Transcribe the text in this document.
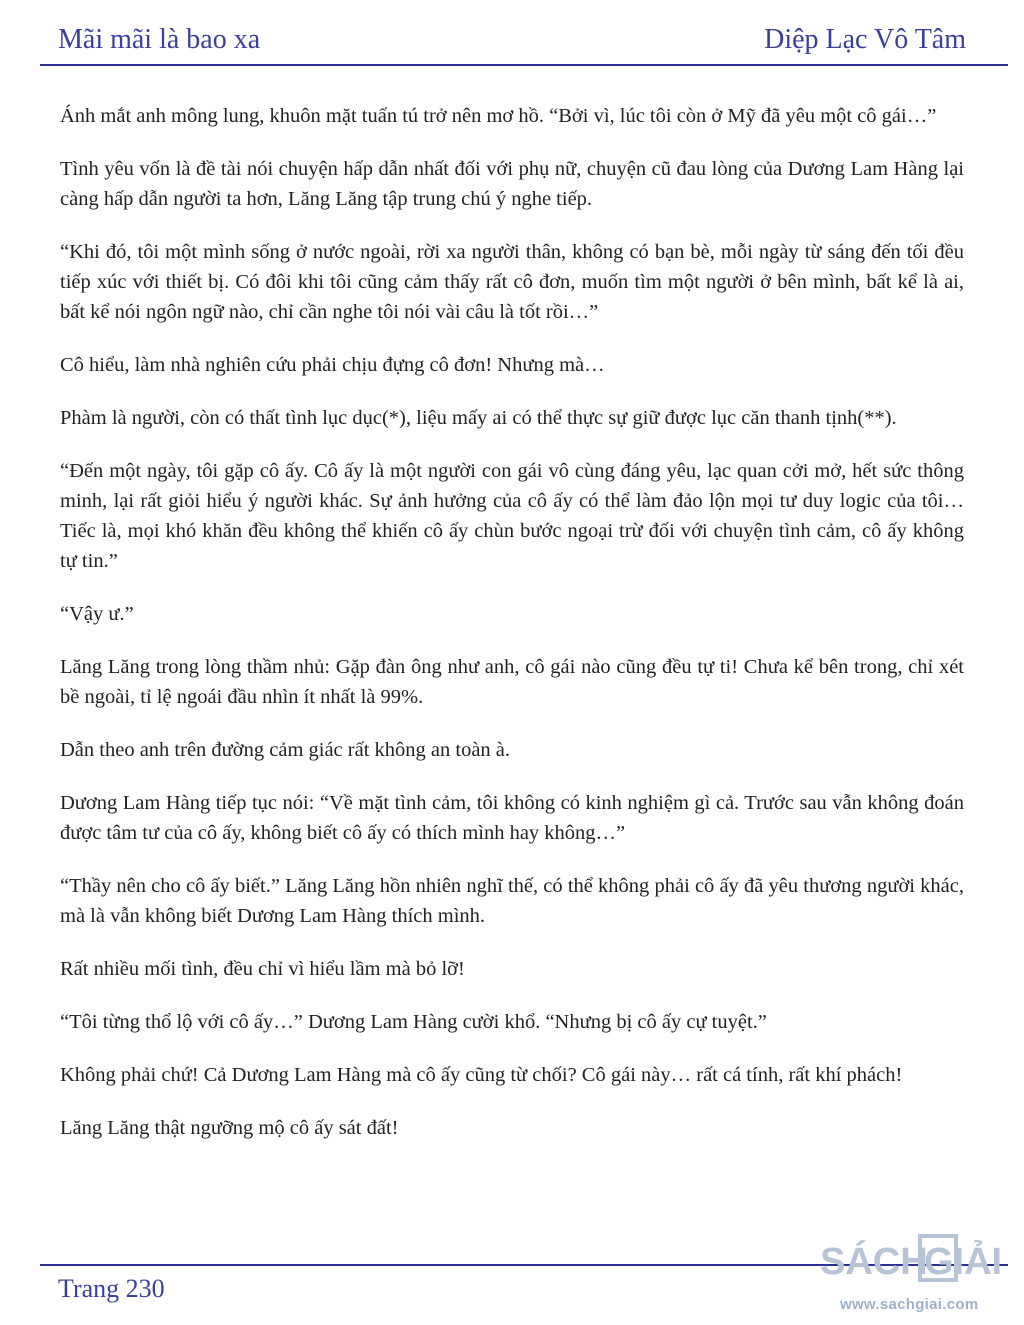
Mãi mãi là bao xa	Diệp Lạc Vô Tâm

Ánh mắt anh mông lung, khuôn mặt tuấn tú trở nên mơ hồ. “Bởi vì, lúc tôi còn ở Mỹ đã yêu một cô gái…”

Tình yêu vốn là đề tài nói chuyện hấp dẫn nhất đối với phụ nữ, chuyện cũ đau lòng của Dương Lam Hàng lại càng hấp dẫn người ta hơn, Lăng Lăng tập trung chú ý nghe tiếp.

“Khi đó, tôi một mình sống ở nước ngoài, rời xa người thân, không có bạn bè, mỗi ngày từ sáng đến tối đều tiếp xúc với thiết bị. Có đôi khi tôi cũng cảm thấy rất cô đơn, muốn tìm một người ở bên mình, bất kể là ai, bất kể nói ngôn ngữ nào, chỉ cần nghe tôi nói vài câu là tốt rồi…”

Cô hiểu, làm nhà nghiên cứu phải chịu đựng cô đơn! Nhưng mà…

Phàm là người, còn có thất tình lục dục(*), liệu mấy ai có thể thực sự giữ được lục căn thanh tịnh(**).

“Đến một ngày, tôi gặp cô ấy. Cô ấy là một người con gái vô cùng đáng yêu, lạc quan cởi mở, hết sức thông minh, lại rất giỏi hiểu ý người khác. Sự ảnh hưởng của cô ấy có thể làm đảo lộn mọi tư duy logic của tôi… Tiếc là, mọi khó khăn đều không thể khiến cô ấy chùn bước ngoại trừ đối với chuyện tình cảm, cô ấy không tự tin.”

“Vậy ư.”

Lăng Lăng trong lòng thầm nhủ: Gặp đàn ông như anh, cô gái nào cũng đều tự ti! Chưa kể bên trong, chỉ xét bề ngoài, tỉ lệ ngoái đầu nhìn ít nhất là 99%.

Dẫn theo anh trên đường cảm giác rất không an toàn à.

Dương Lam Hàng tiếp tục nói: “Về mặt tình cảm, tôi không có kinh nghiệm gì cả. Trước sau vẫn không đoán được tâm tư của cô ấy, không biết cô ấy có thích mình hay không…”

“Thầy nên cho cô ấy biết.” Lăng Lăng hồn nhiên nghĩ thế, có thể không phải cô ấy đã yêu thương người khác, mà là vẫn không biết Dương Lam Hàng thích mình.

Rất nhiều mối tình, đều chỉ vì hiểu lầm mà bỏ lỡ!

“Tôi từng thổ lộ với cô ấy…” Dương Lam Hàng cười khổ. “Nhưng bị cô ấy cự tuyệt.”

Không phải chứ! Cả Dương Lam Hàng mà cô ấy cũng từ chối? Cô gái này… rất cá tính, rất khí phách!

Lăng Lăng thật ngưỡng mộ cô ấy sát đất!

Trang 230
SÁCH
GIẢI
www.sachgiai.com
